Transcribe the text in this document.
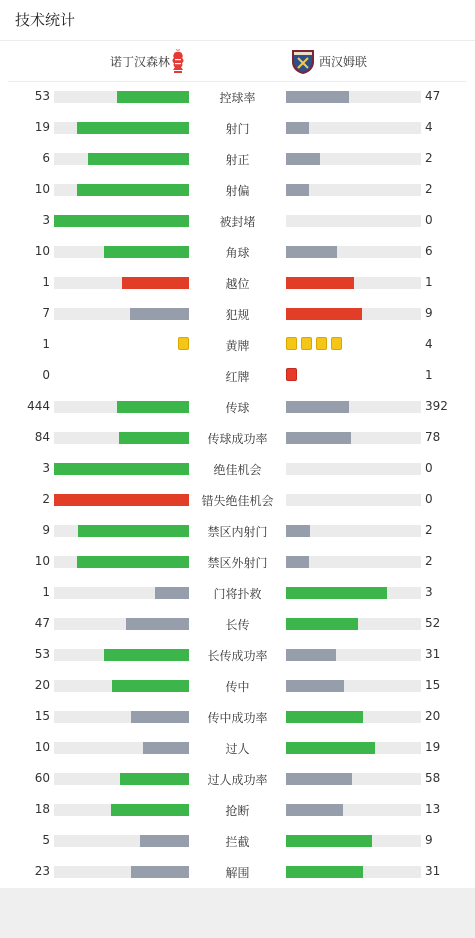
技术统计
诺丁汉森林	西汉姆联
53	控球率	47
19	射门	4
6	射正	2
10	射偏	2
3	被封堵	0
10	角球	6
1	越位	1
7	犯规	9
1	黄牌	4
0	红牌	1
444	传球	392
84	传球成功率	78
3	绝佳机会	0
2	错失绝佳机会	0
9	禁区内射门	2
10	禁区外射门	2
1	门将扑救	3
47	长传	52
53	长传成功率	31
20	传中	15
15	传中成功率	20
10	过人	19
60	过人成功率	58
18	抢断	13
5	拦截	9
23	解围	31
